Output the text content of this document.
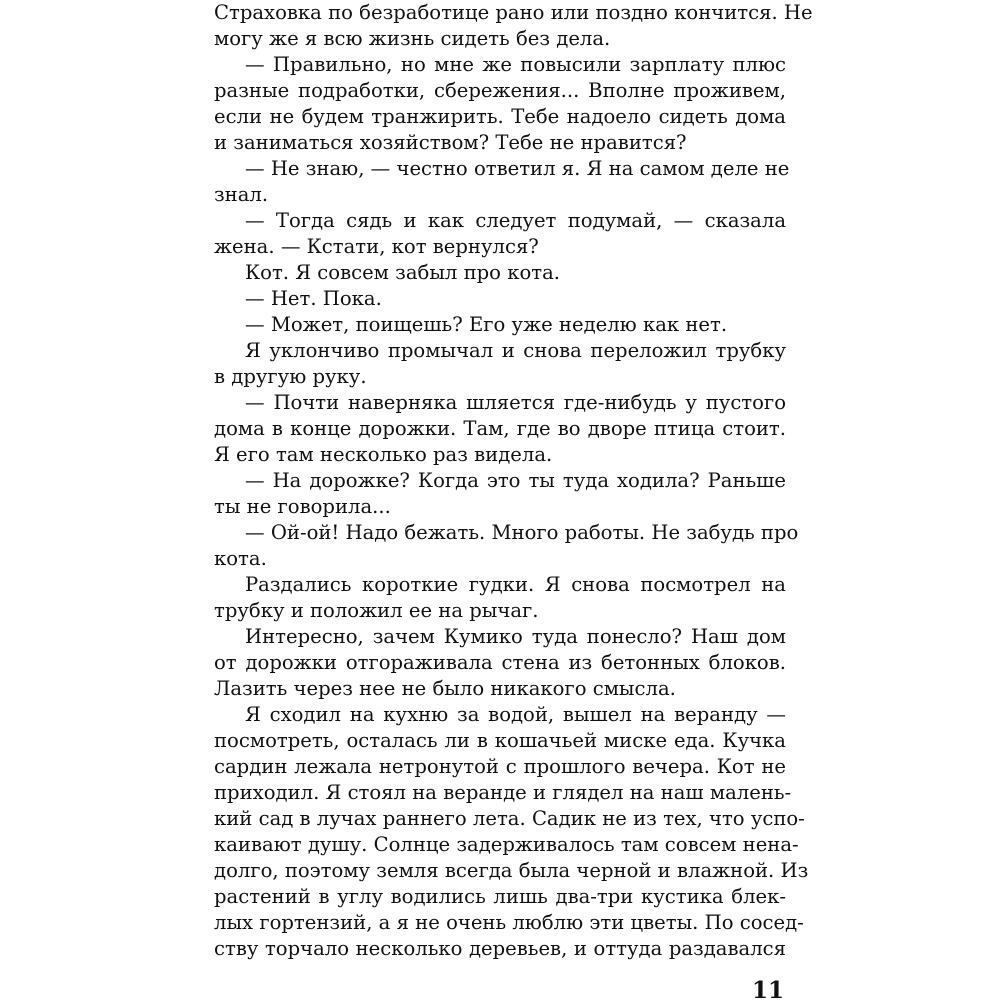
Страховка по безработице рано или поздно кончится. Не
могу же я всю жизнь сидеть без дела.
— Правильно, но мне же повысили зарплату плюс
разные подработки, сбережения... Вполне проживем,
если не будем транжирить. Тебе надоело сидеть дома
и заниматься хозяйством? Тебе не нравится?
— Не знаю, — честно ответил я. Я на самом деле не
знал.
— Тогда сядь и как следует подумай, — сказала
жена. — Кстати, кот вернулся?
Кот. Я совсем забыл про кота.
— Нет. Пока.
— Может, поищешь? Его уже неделю как нет.
Я уклончиво промычал и снова переложил трубку
в другую руку.
— Почти наверняка шляется где-нибудь у пустого
дома в конце дорожки. Там, где во дворе птица стоит.
Я его там несколько раз видела.
— На дорожке? Когда это ты туда ходила? Раньше
ты не говорила...
— Ой-ой! Надо бежать. Много работы. Не забудь про
кота.
Раздались короткие гудки. Я снова посмотрел на
трубку и положил ее на рычаг.
Интересно, зачем Кумико туда понесло? Наш дом
от дорожки отгораживала стена из бетонных блоков.
Лазить через нее не было никакого смысла.
Я сходил на кухню за водой, вышел на веранду —
посмотреть, осталась ли в кошачьей миске еда. Кучка
сардин лежала нетронутой с прошлого вечера. Кот не
приходил. Я стоял на веранде и глядел на наш малень-
кий сад в лучах раннего лета. Садик не из тех, что успо-
каивают душу. Солнце задерживалось там совсем нена-
долго, поэтому земля всегда была черной и влажной. Из
растений в углу водились лишь два-три кустика блек-
лых гортензий, а я не очень люблю эти цветы. По сосед-
ству торчало несколько деревьев, и оттуда раздавался
11
